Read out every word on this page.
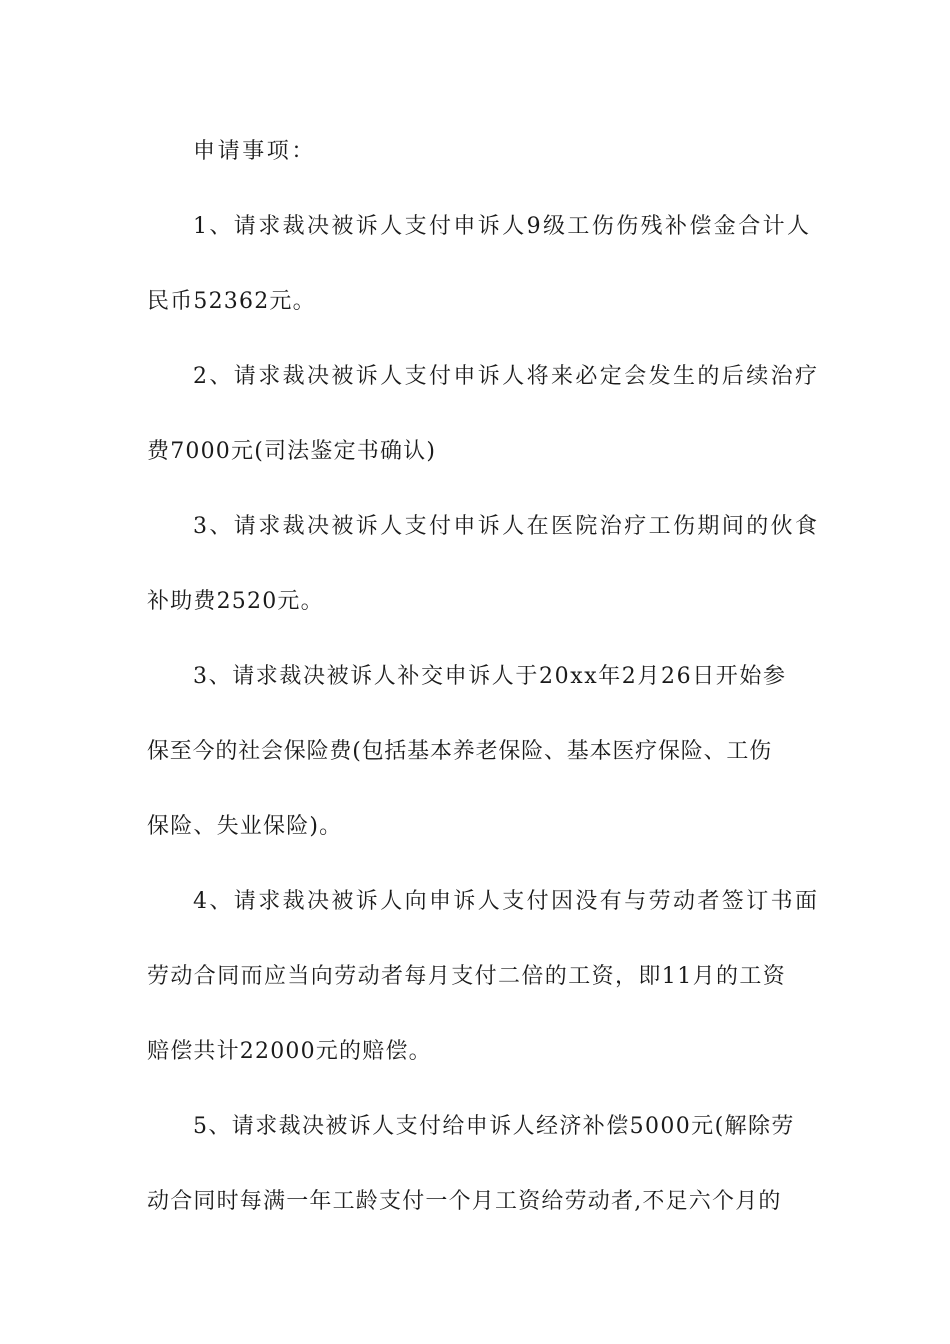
申请事项：
1、请求裁决被诉人支付申诉人9级工伤伤残补偿金合计人
民币52362元。
2、请求裁决被诉人支付申诉人将来必定会发生的后续治疗
费7000元(司法鉴定书确认)
3、请求裁决被诉人支付申诉人在医院治疗工伤期间的伙食
补助费2520元。
3、请求裁决被诉人补交申诉人于20xx年2月26日开始参
保至今的社会保险费(包括基本养老保险、基本医疗保险、工伤
保险、失业保险)。
4、请求裁决被诉人向申诉人支付因没有与劳动者签订书面
劳动合同而应当向劳动者每月支付二倍的工资，即11月的工资
赔偿共计22000元的赔偿。
5、请求裁决被诉人支付给申诉人经济补偿5000元(解除劳
动合同时每满一年工龄支付一个月工资给劳动者,不足六个月的
